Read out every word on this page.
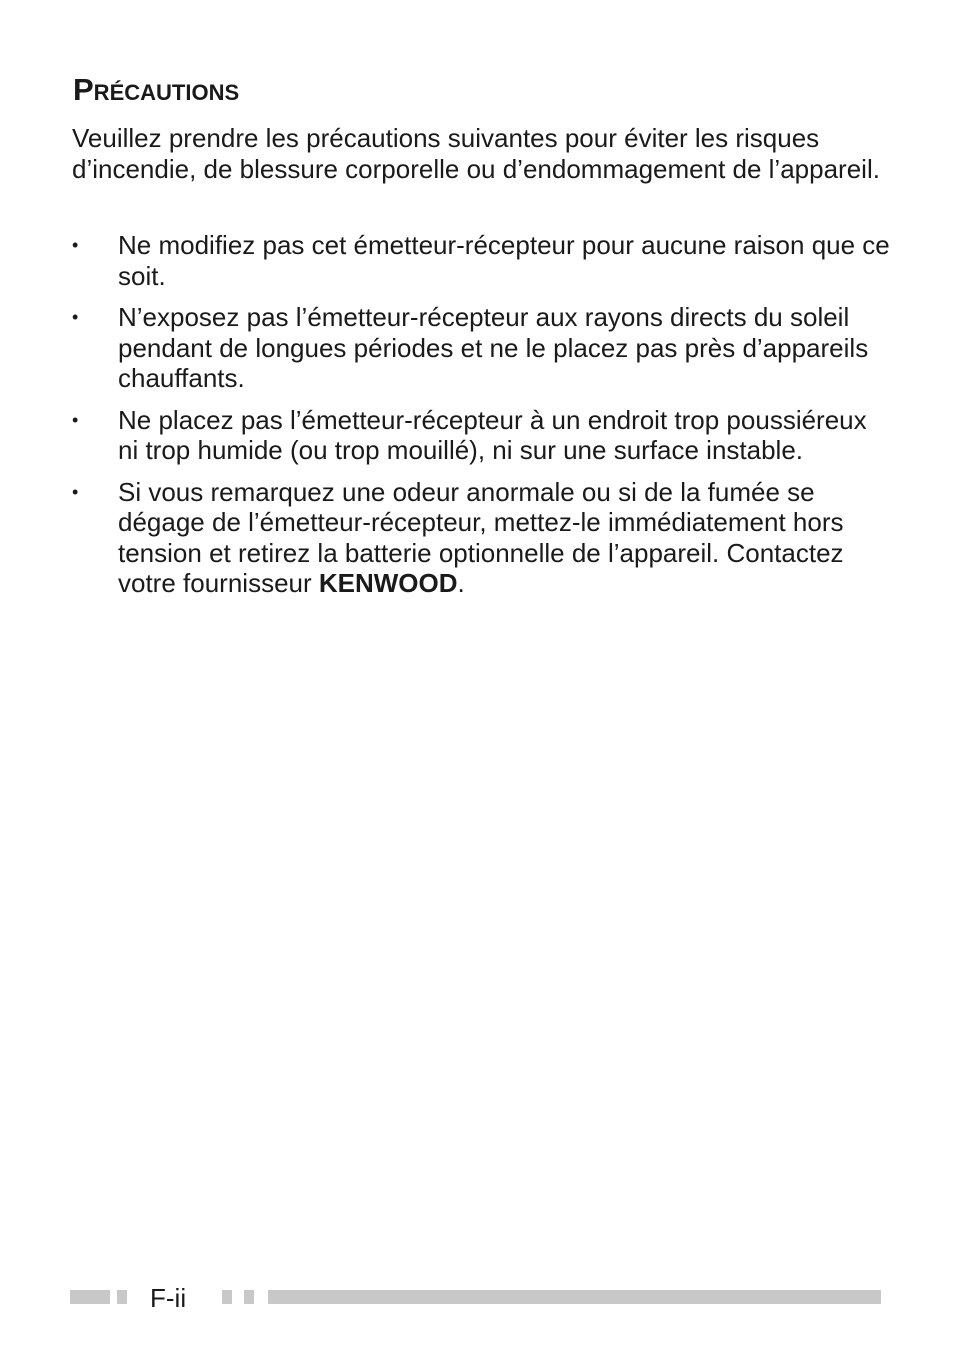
Précautions

Veuillez prendre les précautions suivantes pour éviter les risques d’incendie, de blessure corporelle ou d’endommagement de l’appareil.

• Ne modifiez pas cet émetteur-récepteur pour aucune raison que ce soit.
• N’exposez pas l’émetteur-récepteur aux rayons directs du soleil pendant de longues périodes et ne le placez pas près d’appareils chauffants.
• Ne placez pas l’émetteur-récepteur à un endroit trop poussiéreux ni trop humide (ou trop mouillé), ni sur une surface instable.
• Si vous remarquez une odeur anormale ou si de la fumée se dégage de l’émetteur-récepteur, mettez-le immédiatement hors tension et retirez la batterie optionnelle de l’appareil. Contactez votre fournisseur KENWOOD.
F-ii
